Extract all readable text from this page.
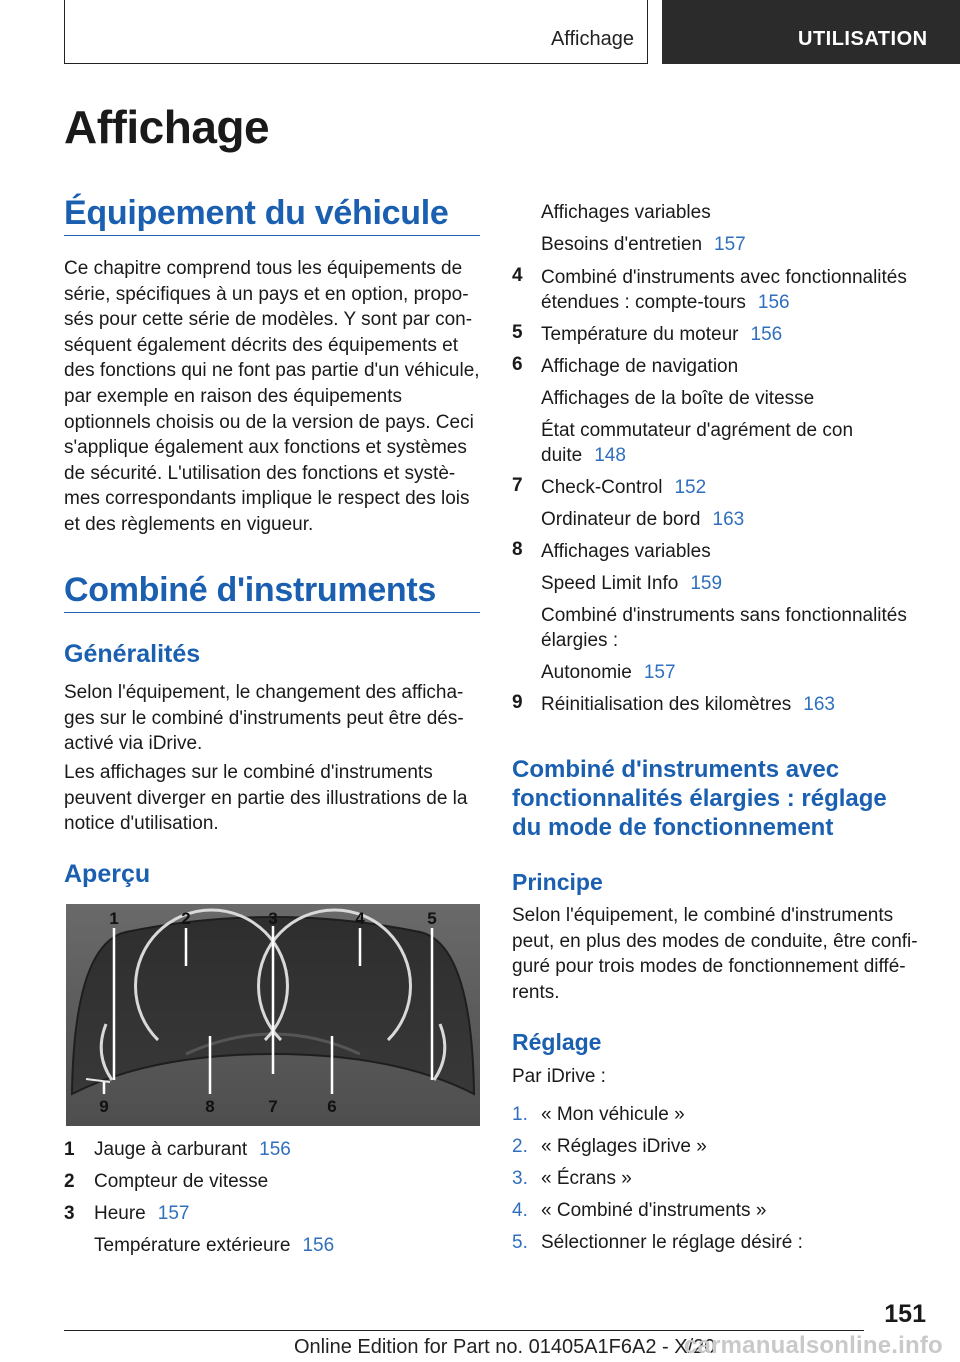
Affichage	UTILISATION
Affichage
Équipement du véhicule

Ce chapitre comprend tous les équipements de série, spécifiques à un pays et en option, proposés pour cette série de modèles. Y sont par conséquent également décrits des équipements et des fonctions qui ne font pas partie d'un véhicule, par exemple en raison des équipements optionnels choisis ou de la version de pays. Ceci s'applique également aux fonctions et systèmes de sécurité. L'utilisation des fonctions et systèmes correspondants implique le respect des lois et des règlements en vigueur.

Combiné d'instruments
Généralités

Selon l'équipement, le changement des affichages sur le combiné d'instruments peut être désactivé via iDrive.

Les affichages sur le combiné d'instruments peuvent diverger en partie des illustrations de la notice d'utilisation.

Aperçu
1	2	3	4	5
9	8	7	6
1 Jauge à carburant 156
2 Compteur de vitesse
3 Heure 157
Température extérieure 156
Affichages variables
Besoins d'entretien 157
4 Combiné d'instruments avec fonctionnalités
étendues : compte-tours 156
5 Température du moteur 156
6 Affichage de navigation
Affichages de la boîte de vitesse
État commutateur d'agrément de con
duite 148
7 Check-Control 152
Ordinateur de bord 163
8 Affichages variables
Speed Limit Info 159
Combiné d'instruments sans fonctionnalités
élargies :
Autonomie 157
9 Réinitialisation des kilomètres 163
Combiné d'instruments avec
fonctionnalités élargies : réglage
du mode de fonctionnement
Principe

Selon l'équipement, le combiné d'instruments peut, en plus des modes de conduite, être configuré pour trois modes de fonctionnement différents.

Réglage
Par iDrive :
1. « Mon véhicule »
2. « Réglages iDrive »
3. « Écrans »
4. « Combiné d'instruments »
5. Sélectionner le réglage désiré :
151
Online Edition for Part no. 01405A1F6A2 - X/20
carmanualsonline.info
